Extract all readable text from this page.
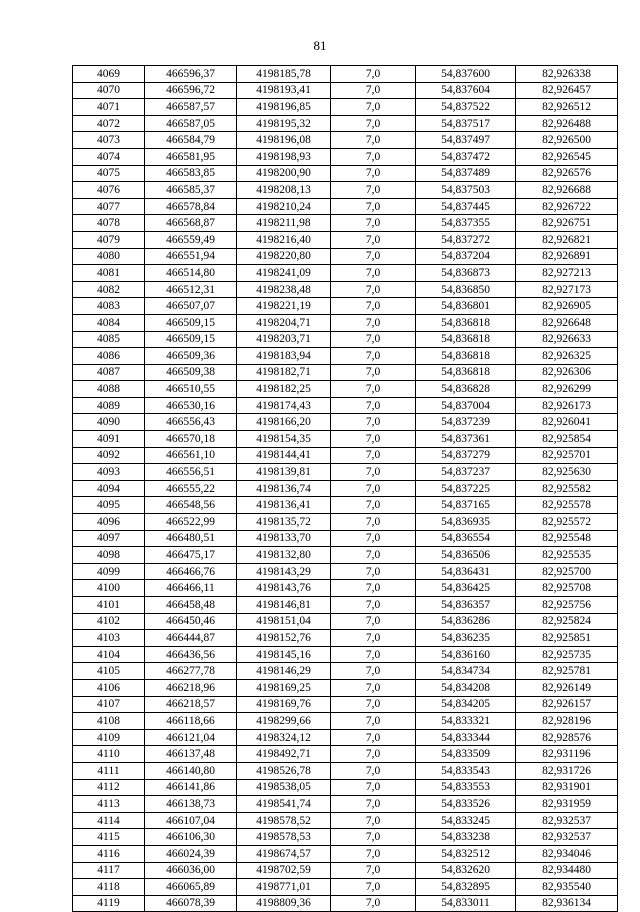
81
4069	466596,37	4198185,78	7,0	54,837600	82,926338
4070	466596,72	4198193,41	7,0	54,837604	82,926457
4071	466587,57	4198196,85	7,0	54,837522	82,926512
4072	466587,05	4198195,32	7,0	54,837517	82,926488
4073	466584,79	4198196,08	7,0	54,837497	82,926500
4074	466581,95	4198198,93	7,0	54,837472	82,926545
4075	466583,85	4198200,90	7,0	54,837489	82,926576
4076	466585,37	4198208,13	7,0	54,837503	82,926688
4077	466578,84	4198210,24	7,0	54,837445	82,926722
4078	466568,87	4198211,98	7,0	54,837355	82,926751
4079	466559,49	4198216,40	7,0	54,837272	82,926821
4080	466551,94	4198220,80	7,0	54,837204	82,926891
4081	466514,80	4198241,09	7,0	54,836873	82,927213
4082	466512,31	4198238,48	7,0	54,836850	82,927173
4083	466507,07	4198221,19	7,0	54,836801	82,926905
4084	466509,15	4198204,71	7,0	54,836818	82,926648
4085	466509,15	4198203,71	7,0	54,836818	82,926633
4086	466509,36	4198183,94	7,0	54,836818	82,926325
4087	466509,38	4198182,71	7,0	54,836818	82,926306
4088	466510,55	4198182,25	7,0	54,836828	82,926299
4089	466530,16	4198174,43	7,0	54,837004	82,926173
4090	466556,43	4198166,20	7,0	54,837239	82,926041
4091	466570,18	4198154,35	7,0	54,837361	82,925854
4092	466561,10	4198144,41	7,0	54,837279	82,925701
4093	466556,51	4198139,81	7,0	54,837237	82,925630
4094	466555,22	4198136,74	7,0	54,837225	82,925582
4095	466548,56	4198136,41	7,0	54,837165	82,925578
4096	466522,99	4198135,72	7,0	54,836935	82,925572
4097	466480,51	4198133,70	7,0	54,836554	82,925548
4098	466475,17	4198132,80	7,0	54,836506	82,925535
4099	466466,76	4198143,29	7,0	54,836431	82,925700
4100	466466,11	4198143,76	7,0	54,836425	82,925708
4101	466458,48	4198146,81	7,0	54,836357	82,925756
4102	466450,46	4198151,04	7,0	54,836286	82,925824
4103	466444,87	4198152,76	7,0	54,836235	82,925851
4104	466436,56	4198145,16	7,0	54,836160	82,925735
4105	466277,78	4198146,29	7,0	54,834734	82,925781
4106	466218,96	4198169,25	7,0	54,834208	82,926149
4107	466218,57	4198169,76	7,0	54,834205	82,926157
4108	466118,66	4198299,66	7,0	54,833321	82,928196
4109	466121,04	4198324,12	7,0	54,833344	82,928576
4110	466137,48	4198492,71	7,0	54,833509	82,931196
4111	466140,80	4198526,78	7,0	54,833543	82,931726
4112	466141,86	4198538,05	7,0	54,833553	82,931901
4113	466138,73	4198541,74	7,0	54,833526	82,931959
4114	466107,04	4198578,52	7,0	54,833245	82,932537
4115	466106,30	4198578,53	7,0	54,833238	82,932537
4116	466024,39	4198674,57	7,0	54,832512	82,934046
4117	466036,00	4198702,59	7,0	54,832620	82,934480
4118	466065,89	4198771,01	7,0	54,832895	82,935540
4119	466078,39	4198809,36	7,0	54,833011	82,936134
